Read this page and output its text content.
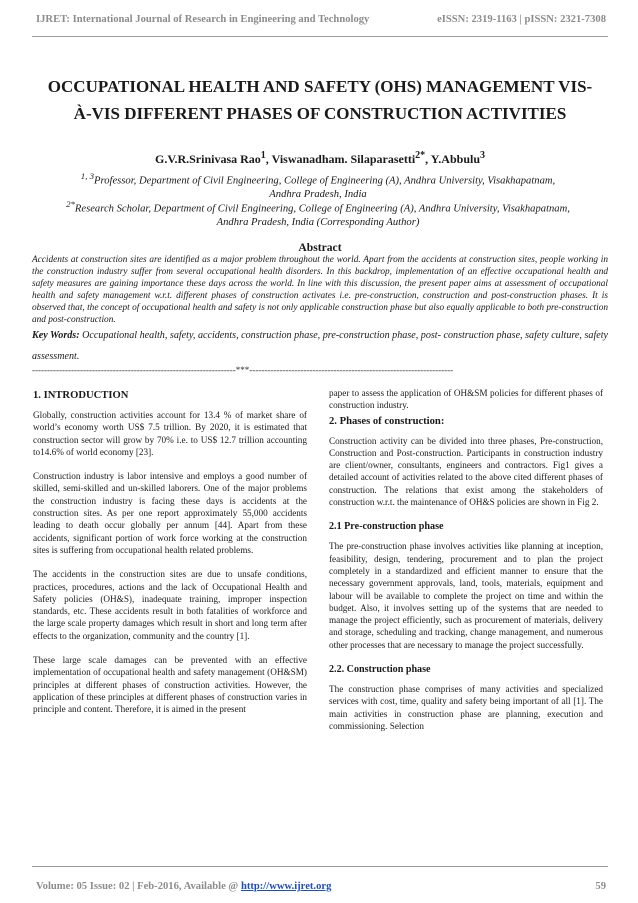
IJRET: International Journal of Research in Engineering and Technology	eISSN: 2319-1163 | pISSN: 2321-7308
OCCUPATIONAL HEALTH AND SAFETY (OHS) MANAGEMENT VIS-
À-VIS DIFFERENT PHASES OF CONSTRUCTION ACTIVITIES
G.V.R.Srinivasa Rao$^1$, Viswanadham. Silaparasetti$^{2*}$, Y.Abbulu$^3$
$^{1, 3}$Professor, Department of Civil Engineering, College of Engineering (A), Andhra University, Visakhapatnam,
Andhra Pradesh, India
$^{2*}$Research Scholar, Department of Civil Engineering, College of Engineering (A), Andhra University, Visakhapatnam,
Andhra Pradesh, India (Corresponding Author)
Abstract
Accidents at construction sites are identified as a major problem throughout the world. Apart from the accidents at construction sites, people working in the construction industry suffer from several occupational health disorders. In this backdrop, implementation of an effective occupational health and safety measures are gaining importance these days across the world. In line with this discussion, the present paper aims at assessment of occupational health and safety management w.r.t. different phases of construction activates i.e. pre-construction, construction and post-construction phases. It is observed that, the concept of occupational health and safety is not only applicable construction phase but also equally applicable to both pre-construction and post-construction.
Key Words: Occupational health, safety, accidents, construction phase, pre-construction phase, post- construction phase, safety culture, safety assessment.
--------------------------------------------------------------------***--------------------------------------------------------------------
1. INTRODUCTION

Globally, construction activities account for 13.4 % of market share of world’s economy worth US$ 7.5 trillion. By 2020, it is estimated that construction sector will grow by 70% i.e. to US$ 12.7 trillion accounting to14.6% of world economy [23].

Construction industry is labor intensive and employs a good number of skilled, semi-skilled and un-skilled laborers. One of the major problems the construction industry is facing these days is accidents at the construction sites. As per one report approximately 55,000 accidents leading to death occur globally per annum [44]. Apart from these accidents, significant portion of work force working at the construction sites is suffering from occupational health related problems.

The accidents in the construction sites are due to unsafe conditions, practices, procedures, actions and the lack of Occupational Health and Safety policies (OH&S), inadequate training, improper inspection standards, etc. These accidents result in both fatalities of workforce and the large scale property damages which result in short and long term after effects to the organization, community and the country [1].

These large scale damages can be prevented with an effective implementation of occupational health and safety management (OH&SM) principles at different phases of construction activities. However, the application of these principles at different phases of construction varies in principle and content. Therefore, it is aimed in the present

paper to assess the application of OH&SM policies for different phases of construction industry.

2. Phases of construction:

Construction activity can be divided into three phases, Pre-construction, Construction and Post-construction. Participants in construction industry are client/owner, consultants, engineers and contractors. Fig1 gives a detailed account of activities related to the above cited different phases of construction. The relations that exist among the stakeholders of construction w.r.t. the maintenance of OH&S policies are shown in Fig 2.

2.1 Pre-construction phase

The pre-construction phase involves activities like planning at inception, feasibility, design, tendering, procurement and to plan the project completely in a standardized and efficient manner to ensure that the necessary government approvals, land, tools, materials, equipment and labour will be available to complete the project on time and within the budget. Also, it involves setting up of the systems that are needed to manage the project efficiently, such as procurement of materials, delivery and storage, scheduling and tracking, change management, and numerous other processes that are necessary to manage the project successfully.

2.2. Construction phase

The construction phase comprises of many activities and specialized services with cost, time, quality and safety being important of all [1]. The main activities in construction phase are planning, execution and commissioning. Selection

Volume: 05 Issue: 02 | Feb-2016, Available @ http://www.ijret.org	59
